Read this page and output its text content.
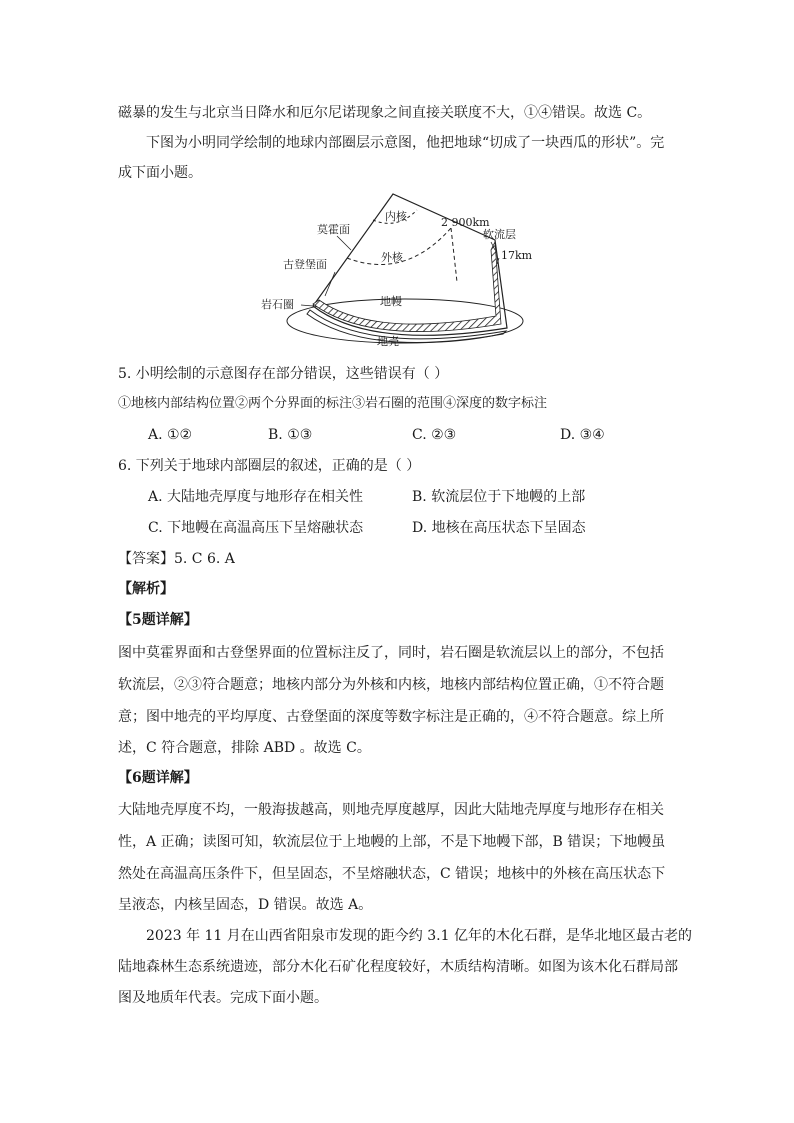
磁暴的发生与北京当日降水和厄尔尼诺现象之间直接关联度不大，①④错误。故选 C。
下图为小明同学绘制的地球内部圈层示意图，他把地球“切成了一块西瓜的形状”。完
成下面小题。
内核
外核
地幔
地壳
莫霍面
古登堡面
岩石圈
软流层
2 900km
17km
5. 小明绘制的示意图存在部分错误，这些错误有（ ）
①地核内部结构位置②两个分界面的标注③岩石圈的范围④深度的数字标注
A. ①②	B. ①③	C. ②③	D. ③④
6. 下列关于地球内部圈层的叙述，正确的是（ ）
A. 大陆地壳厚度与地形存在相关性	B. 软流层位于下地幔的上部
C. 下地幔在高温高压下呈熔融状态	D. 地核在高压状态下呈固态
【答案】5. C 6. A
【解析】
【5题详解】
图中莫霍界面和古登堡界面的位置标注反了，同时，岩石圈是软流层以上的部分，不包括
软流层，②③符合题意；地核内部分为外核和内核，地核内部结构位置正确，①不符合题
意；图中地壳的平均厚度、古登堡面的深度等数字标注是正确的，④不符合题意。综上所
述，C 符合题意，排除 ABD 。故选 C。
【6题详解】
大陆地壳厚度不均，一般海拔越高，则地壳厚度越厚，因此大陆地壳厚度与地形存在相关
性，A 正确；读图可知，软流层位于上地幔的上部，不是下地幔下部，B 错误；下地幔虽
然处在高温高压条件下，但呈固态，不呈熔融状态，C 错误；地核中的外核在高压状态下
呈液态，内核呈固态，D 错误。故选 A。
2023 年 11 月在山西省阳泉市发现的距今约 3.1 亿年的木化石群，是华北地区最古老的
陆地森林生态系统遗迹，部分木化石矿化程度较好，木质结构清晰。如图为该木化石群局部
图及地质年代表。完成下面小题。
